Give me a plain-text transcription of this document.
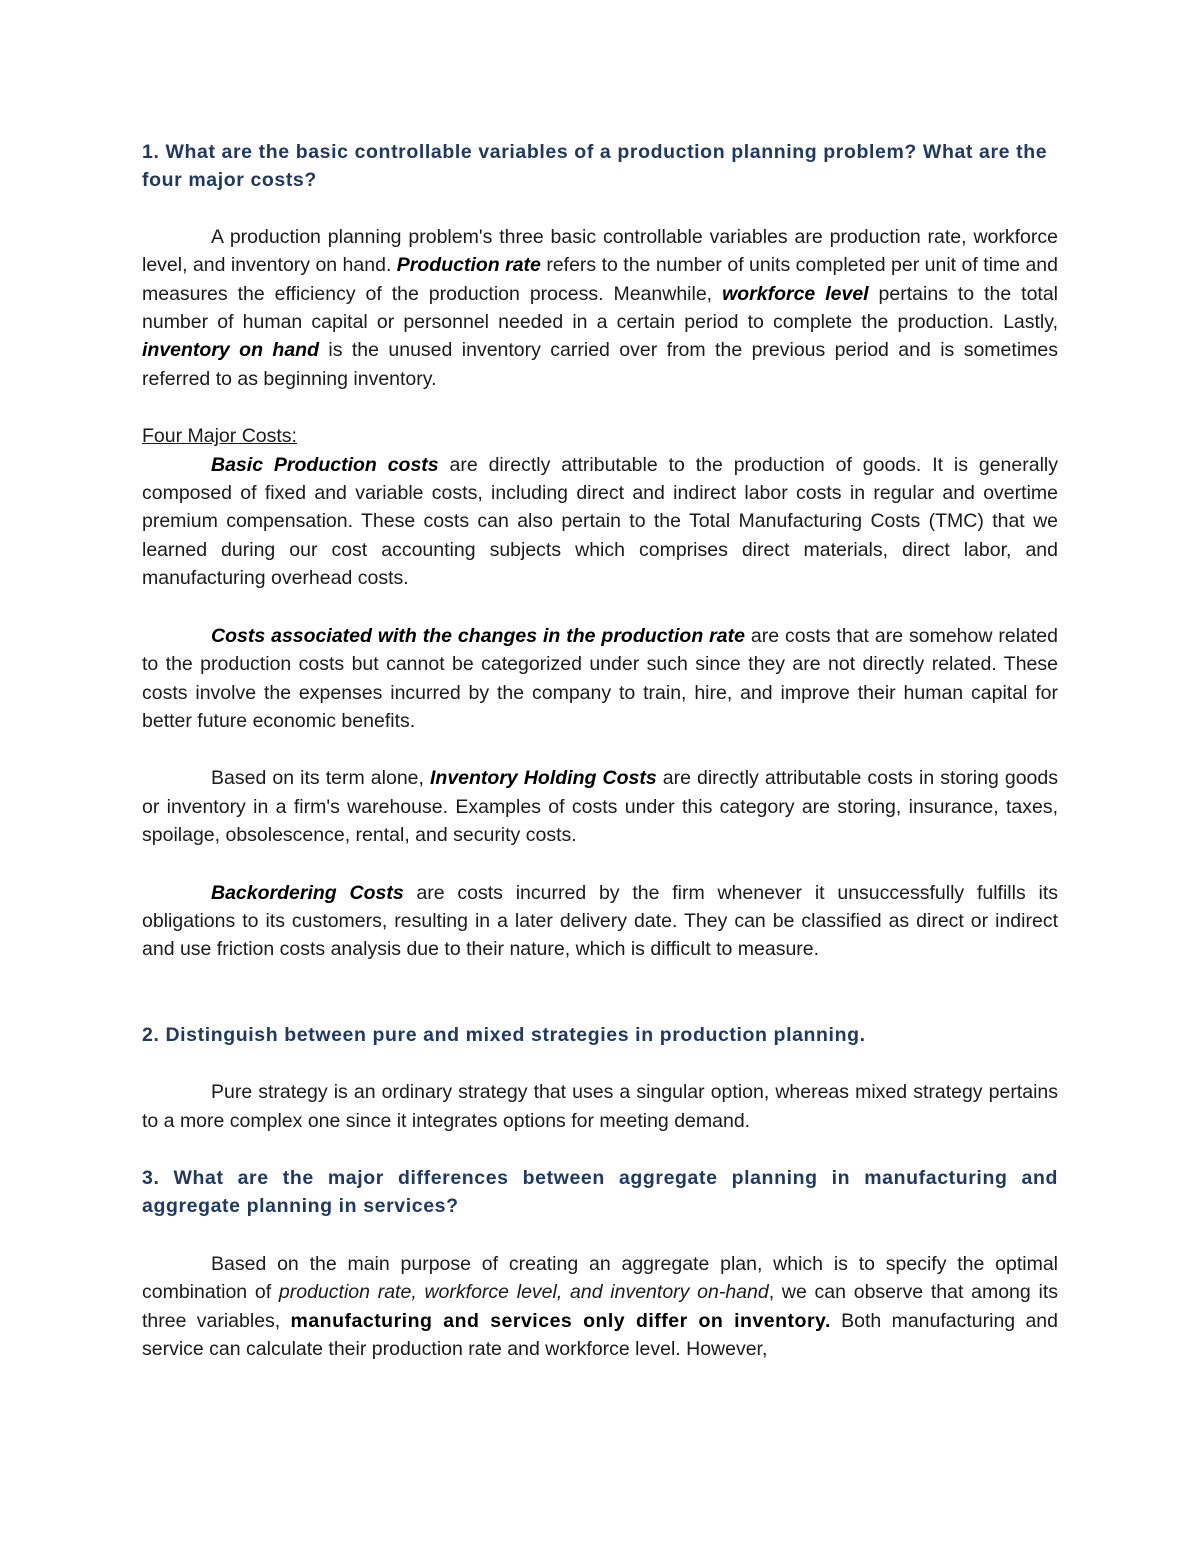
1. What are the basic controllable variables of a production planning problem? What are the four major costs?

A production planning problem's three basic controllable variables are production rate, workforce level, and inventory on hand. Production rate refers to the number of units completed per unit of time and measures the efficiency of the production process. Meanwhile, workforce level pertains to the total number of human capital or personnel needed in a certain period to complete the production. Lastly, inventory on hand is the unused inventory carried over from the previous period and is sometimes referred to as beginning inventory.

Four Major Costs:

Basic Production costs are directly attributable to the production of goods. It is generally composed of fixed and variable costs, including direct and indirect labor costs in regular and overtime premium compensation. These costs can also pertain to the Total Manufacturing Costs (TMC) that we learned during our cost accounting subjects which comprises direct materials, direct labor, and manufacturing overhead costs.

Costs associated with the changes in the production rate are costs that are somehow related to the production costs but cannot be categorized under such since they are not directly related. These costs involve the expenses incurred by the company to train, hire, and improve their human capital for better future economic benefits.

Based on its term alone, Inventory Holding Costs are directly attributable costs in storing goods or inventory in a firm's warehouse. Examples of costs under this category are storing, insurance, taxes, spoilage, obsolescence, rental, and security costs.

Backordering Costs are costs incurred by the firm whenever it unsuccessfully fulfills its obligations to its customers, resulting in a later delivery date. They can be classified as direct or indirect and use friction costs analysis due to their nature, which is difficult to measure.

2. Distinguish between pure and mixed strategies in production planning.

Pure strategy is an ordinary strategy that uses a singular option, whereas mixed strategy pertains to a more complex one since it integrates options for meeting demand.

3. What are the major differences between aggregate planning in manufacturing and aggregate planning in services?

Based on the main purpose of creating an aggregate plan, which is to specify the optimal combination of production rate, workforce level, and inventory on-hand, we can observe that among its three variables, manufacturing and services only differ on inventory. Both manufacturing and service can calculate their production rate and workforce level. However,
